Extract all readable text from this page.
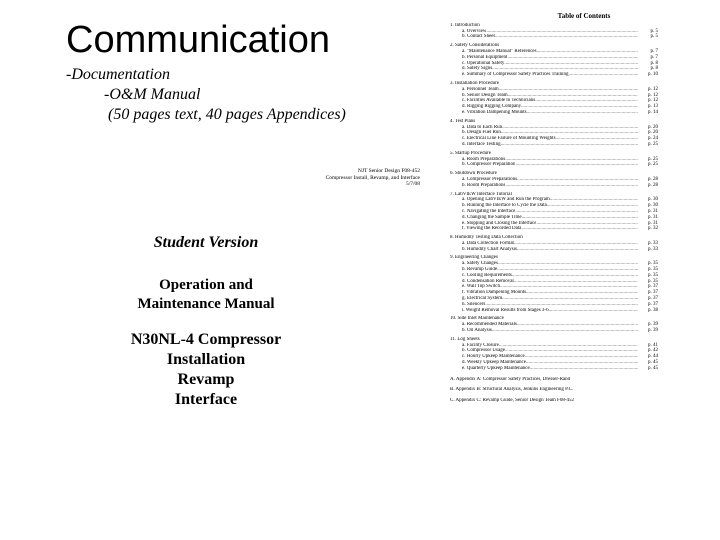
Communication
-Documentation
-O&M Manual
(50 pages text, 40 pages Appendices)
NJT Senior Design F08-452
Compressor Install, Revamp, and Interface
5/7/08
Student Version
Operation and
Maintenance Manual
N30NL-4 Compressor
Installation
Revamp
Interface
Table of Contents
1. Introduction
a. Overview .....	p. 5
b. Contact Sheet .....	p. 5
2. Safety Considerations
a. "Maintenance Manual" References .....	p. 7
b. Personal Equipment .....	p. 7
c. Operational Safety .....	p. 8
d. Safety Signs .....	p. 8
e. Summary of Compressor Safety Practices Training .....	p. 10
3. Installation Procedure
a. Personnel Team .....	p. 12
b. Senior Design Team .....	p. 12
c. Facilities Available to Technicians .....	p. 12
d. Rigging Rigging Company .....	p. 13
e. Vibration Dampening Mounts .....	p. 14
4. Test Plans
a. Data to Each Run .....	p. 20
b. Design Fuel Run .....	p. 20
c. Electrical Line Failure of Mounting Weights .....	p. 24
d. Interface Testing .....	p. 25
5. Startup Procedure
a. Room Preparations .....	p. 25
b. Compressor Preparation .....	p. 25
6. Shutdown Procedure
a. Compressor Preparations .....	p. 28
b. Room Preparations .....	p. 28
7. LabVIEW Interface Tutorial
a. Opening LabVIEW and Run the Program .....	p. 30
b. Running the Interface to Cycle the Data .....	p. 30
c. Navigating the Interface .....	p. 31
d. Changing the Sample Time .....	p. 31
e. Stopping and Closing the Interface .....	p. 31
f. Viewing the Recorded Data .....	p. 32
8. Humidity Testing Data Collection
a. Data Collection Format .....	p. 33
b. Humidity Chart Analysis .....	p. 33
9. Engineering Changes
a. Safety Changes .....	p. 35
b. Revamp Guide .....	p. 35
c. Cooling Requirements .....	p. 35
d. Condensation Removal .....	p. 35
e. Wall Top Switch .....	p. 37
f. Vibration Dampening Mounts .....	p. 37
g. Electrical System .....	p. 37
h. Silencers .....	p. 37
i. Weight Removal Results from Stages 3-6 .....	p. 38
10. Side Inlet Maintenance
a. Recommended Materials .....	p. 39
b. Oil Analysis .....	p. 39
11. Log Sheets
a. Facility Closure .....	p. 41
b. Compressor Usage .....	p. 42
c. Hourly Upkeep Maintenance .....	p. 44
d. Weekly Upkeep Maintenance .....	p. 45
e. Quarterly Upkeep Maintenance .....	p. 45
A. Appendix A: Compressor Safety Practices, Dresser-Rand
B. Appendix B: Structural Analysis, Jenkins Engineering P.C.
C. Appendix C: Revamp Guide, Senior Design Team F08-452
